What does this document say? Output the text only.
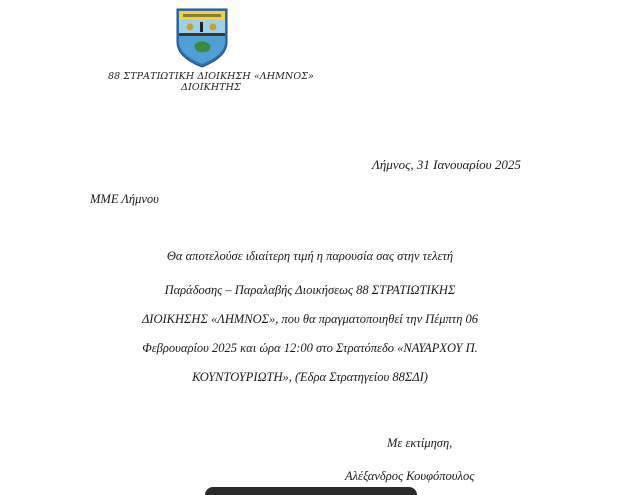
88 ΣΤΡΑΤΙΩΤΙΚΗ ΔΙΟΙΚΗΣΗ «ΛΗΜΝΟΣ»
ΔΙΟΙΚΗΤΗΣ
Λήμνος, 31 Ιανουαρίου 2025
ΜΜΕ Λήμνου
Θα αποτελούσε ιδιαίτερη τιμή η παρουσία σας στην τελετή
Παράδοσης – Παραλαβής Διοικήσεως 88 ΣΤΡΑΤΙΩΤΙΚΗΣ
ΔΙΟΙΚΗΣΗΣ «ΛΗΜΝΟΣ», που θα πραγματοποιηθεί την Πέμπτη 06
Φεβρουαρίου 2025 και ώρα 12:00 στο Στρατόπεδο «ΝΑΥΑΡΧΟΥ Π.
ΚΟΥΝΤΟΥΡΙΩΤΗ», (Έδρα Στρατηγείου 88ΣΔΙ)
Με εκτίμηση,
Αλέξανδρος Κουφόπουλος
